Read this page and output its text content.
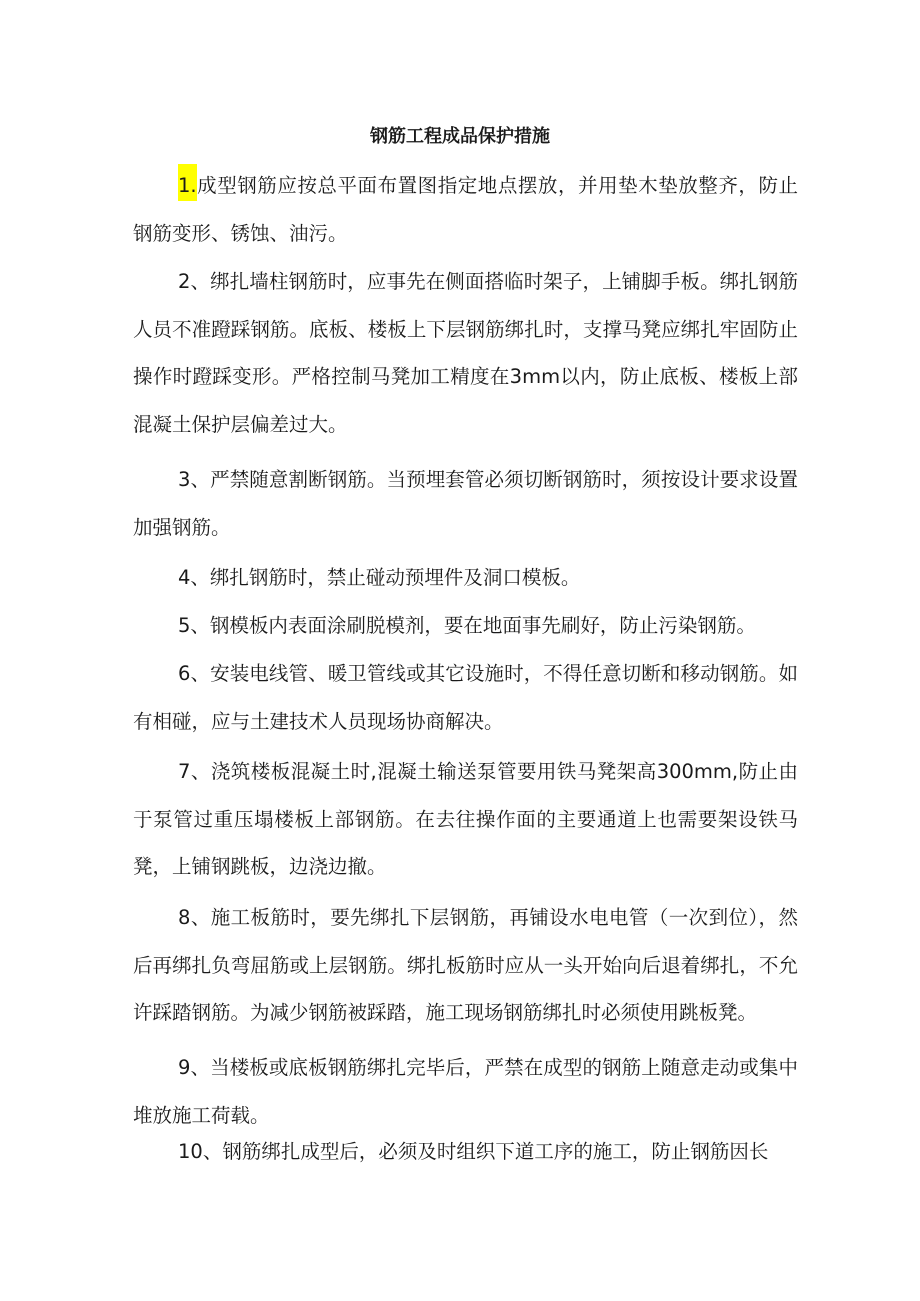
钢筋工程成品保护措施

1.成型钢筋应按总平面布置图指定地点摆放，并用垫木垫放整齐，防止钢筋变形、锈蚀、油污。

2、绑扎墙柱钢筋时，应事先在侧面搭临时架子，上铺脚手板。绑扎钢筋人员不准蹬踩钢筋。底板、楼板上下层钢筋绑扎时，支撑马凳应绑扎牢固防止操作时蹬踩变形。严格控制马凳加工精度在3mm以内，防止底板、楼板上部混凝土保护层偏差过大。

3、严禁随意割断钢筋。当预埋套管必须切断钢筋时，须按设计要求设置加强钢筋。

4、绑扎钢筋时，禁止碰动预埋件及洞口模板。

5、钢模板内表面涂刷脱模剂，要在地面事先刷好，防止污染钢筋。

6、安装电线管、暖卫管线或其它设施时，不得任意切断和移动钢筋。如有相碰，应与土建技术人员现场协商解决。

7、浇筑楼板混凝土时,混凝土输送泵管要用铁马凳架高300mm,防止由于泵管过重压塌楼板上部钢筋。在去往操作面的主要通道上也需要架设铁马凳，上铺钢跳板，边浇边撤。

8、施工板筋时，要先绑扎下层钢筋，再铺设水电电管（一次到位），然后再绑扎负弯屈筋或上层钢筋。绑扎板筋时应从一头开始向后退着绑扎，不允许踩踏钢筋。为减少钢筋被踩踏，施工现场钢筋绑扎时必须使用跳板凳。

9、当楼板或底板钢筋绑扎完毕后，严禁在成型的钢筋上随意走动或集中堆放施工荷载。

10、钢筋绑扎成型后，必须及时组织下道工序的施工，防止钢筋因长
